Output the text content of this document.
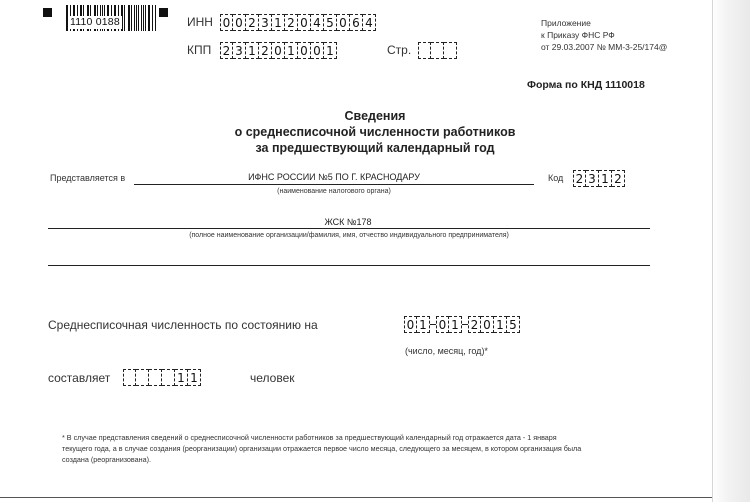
1110 0188	ИНН 0 0 2 3 1 2 0 4 5 0 6 4
КПП 2 3 1 2 0 1 0 0 1	Стр.
Приложение
к Приказу ФНС РФ
от 29.03.2007 № ММ-3-25/174@
Форма по КНД 1110018
Сведения
о среднесписочной численности работников
за предшествующий календарный год
Представляется в	ИФНС РОССИИ №5 ПО Г. КРАСНОДАРУ
(наименование налогового органа)
Код 2 3 1 2
ЖСК №178
(полное наименование организации/фамилия, имя, отчество индивидуального предпринимателя)
Среднесписочная численность по состоянию на	0 1 0 1 2 0 1 5
(число, месяц, год)*
составляет	1 1	человек
* В случае представления сведений о среднесписочной численности работников за предшествующий календарный год отражается дата - 1 января
текущего года, а в случае создания (реорганизации) организации отражается первое число месяца, следующего за месяцем, в котором организация была
создана (реорганизована).
